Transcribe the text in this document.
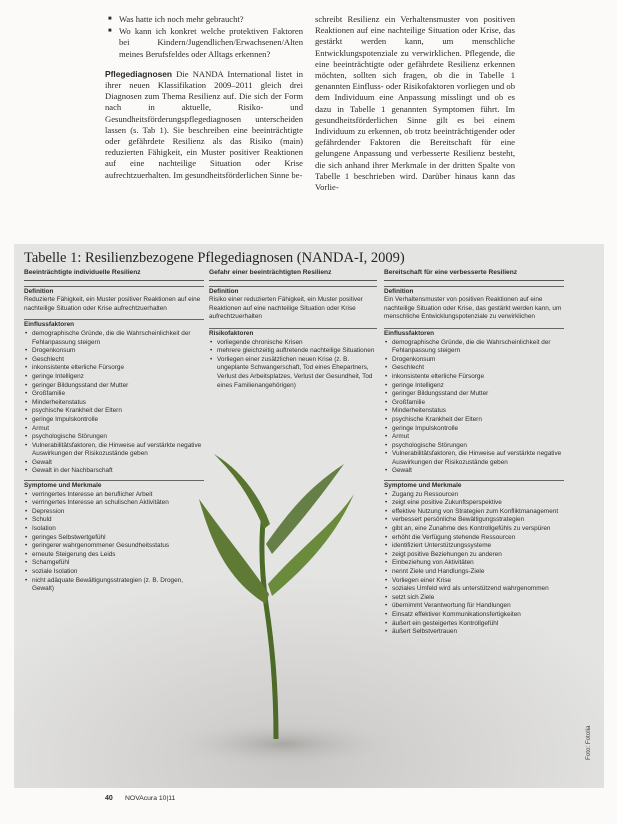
■ Was hatte ich noch mehr gebraucht?
■ Wo kann ich konkret welche protektiven Faktoren bei Kindern/Jugendlichen/Erwachsenen/Alten meines Berufsfeldes oder Alltags erkennen?
Pflegediagnosen Die NANDA International listet in ihrer neuen Klassifikation 2009–2011 gleich drei Diagnosen zum Thema Resilienz auf. Die sich der Form nach in aktuelle, Risiko- und Gesundheitsförderungspflegediagnosen unterscheiden lassen (s. Tab 1). Sie beschreiben eine beeinträchtigte oder gefährdete Resilienz als das Risiko (main) reduzierten Fähigkeit, ein Muster positiver Reaktionen auf eine nachteilige Situation oder Krise aufrechtzuerhalten. Im gesundheitsförderlichen Sinne be-
schreibt Resilienz ein Verhaltensmuster von positiven Reaktionen auf eine nachteilige Situation oder Krise, das gestärkt werden kann, um menschliche Entwicklungspotenziale zu verwirklichen. Pflegende, die eine beeinträchtigte oder gefährdete Resilienz erkennen möchten, sollten sich fragen, ob die in Tabelle 1 genannten Einfluss- oder Risikofaktoren vorliegen und ob dem Individuum eine Anpassung misslingt und ob es dazu in Tabelle 1 genannten Symptomen führt. Im gesundheitsförderlichen Sinne gilt es bei einem Individuum zu erkennen, ob trotz beeinträchtigender oder gefährdender Faktoren die Bereitschaft für eine gelungene Anpassung und verbesserte Resilienz besteht, die sich anhand ihrer Merkmale in der dritten Spalte von Tabelle 1 beschrieben wird. Darüber hinaus kann das Vorlie-
Tabelle 1: Resilienzbezogene Pflegediagnosen (NANDA-I, 2009)
Beeinträchtigte individuelle Resilienz
Definition
Reduzierte Fähigkeit, ein Muster positiver Reaktionen auf eine nachteilige Situation oder Krise aufrechtzuerhalten
Einflussfaktoren
• demographische Gründe, die die Wahrscheinlichkeit der Fehlanpassung steigern
• Drogenkonsum
• Geschlecht
• inkonsistente elterliche Fürsorge
• geringe Intelligenz
• geringer Bildungsstand der Mutter
• Großfamilie
• Minderheitenstatus
• psychische Krankheit der Eltern
• geringe Impulskontrolle
• Armut
• psychologische Störungen
• Vulnerabilitätsfaktoren, die Hinweise auf verstärkte negative Auswirkungen der Risikozustände geben
• Gewalt
• Gewalt in der Nachbarschaft
Symptome und Merkmale
• verringertes Interesse an beruflicher Arbeit
• verringertes Interesse an schulischen Aktivitäten
• Depression
• Schuld
• Isolation
• geringes Selbstwertgefühl
• geringerer wahrgenommener Gesundheitsstatus
• erneute Steigerung des Leids
• Schamgefühl
• soziale Isolation
• nicht adäquate Bewältigungsstrategien (z. B. Drogen, Gewalt)
Gefahr einer beeinträchtigten Resilienz
Definition
Risiko einer reduzierten Fähigkeit, ein Muster positiver Reaktionen auf eine nachteilige Situation oder Krise aufrechtzuerhalten
Risikofaktoren
• vorliegende chronische Krisen
• mehrere gleichzeitig auftretende nachteilige Situationen
• Vorliegen einer zusätzlichen neuen Krise (z. B. ungeplante Schwangerschaft, Tod eines Ehepartners, Verlust des Arbeitsplatzes, Verlust der Gesundheit, Tod eines Familienangehörigen)
Bereitschaft für eine verbesserte Resilienz
Definition
Ein Verhaltensmuster von positiven Reaktionen auf eine nachteilige Situation oder Krise, das gestärkt werden kann, um menschliche Entwicklungspotenziale zu verwirklichen
Einflussfaktoren
• demographische Gründe, die die Wahrscheinlichkeit der Fehlanpassung steigern
• Drogenkonsum
• Geschlecht
• inkonsistente elterliche Fürsorge
• geringe Intelligenz
• geringer Bildungsstand der Mutter
• Großfamilie
• Minderheitenstatus
• psychische Krankheit der Eltern
• geringe Impulskontrolle
• Armut
• psychologische Störungen
• Vulnerabilitätsfaktoren, die Hinweise auf verstärkte negative Auswirkungen der Risikozustände geben
• Gewalt
Symptome und Merkmale
• Zugang zu Ressourcen
• zeigt eine positive Zukunftsperspektive
• effektive Nutzung von Strategien zum Konfliktmanagement
• verbessert persönliche Bewältigungsstrategien
• gibt an, eine Zunahme des Kontrollgefühls zu verspüren
• erhöht die Verfügung stehende Ressourcen
• identifiziert Unterstützungssysteme
• zeigt positive Beziehungen zu anderen
• Einbeziehung von Aktivitäten
• nennt Ziele und Handlungs-Ziele
• Vorliegen einer Krise
• soziales Umfeld wird als unterstützend wahrgenommen
• setzt sich Ziele
• übernimmt Verantwortung für Handlungen
• Einsatz effektiver Kommunikationsfertigkeiten
• äußert ein gesteigertes Kontrollgefühl
• äußert Selbstvertrauen
Foto: Fotolia
40 NOVAcura 10|11
